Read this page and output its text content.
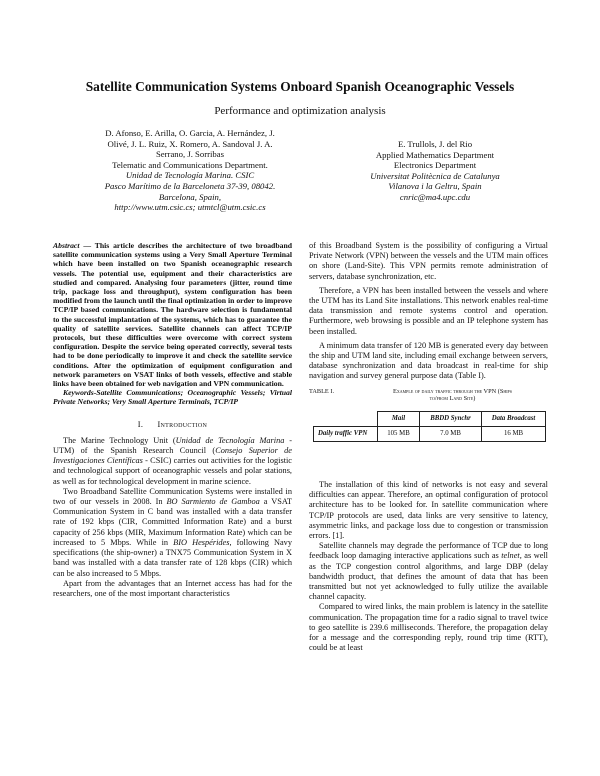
Satellite Communication Systems Onboard Spanish Oceanographic Vessels
Performance and optimization analysis
D. Afonso, E. Arilla, O. Garcia, A. Hernández, J.
Olivé, J. L. Ruiz, X. Romero, A. Sandoval J. A.
Serrano, J. Sorribas
Telematic and Communications Department.
Unidad de Tecnología Marina. CSIC
Pasco Marítimo de la Barceloneta 37-39, 08042.
Barcelona, Spain,
http://www.utm.csic.cs; utmtcl@utm.csic.cs
E. Trullols, J. del Rio
Applied Mathematics Department
Electronics Department
Universitat Politècnica de Catalunya
Vilanova i la Geltru, Spain
cnric@ma4.upc.cdu
Abstract — This article describes the architecture of two broadband satellite communication systems using a Very Small Aperture Terminal which have been installed on two Spanish oceanographic research vessels. The potential use, equipment and their characteristics are studied and compared. Analysing four parameters (jitter, round time trip, package loss and throughput), system configuration has been modified from the launch until the final optimization in order to improve TCP/IP based communications. The hardware selection is fundamental to the successful implantation of the systems, which has to guarantee the quality of satellite services. Satellite channels can affect TCP/IP protocols, but these difficulties were overcome with correct system configuration. Despite the service being operated correctly, several tests had to be done periodically to improve it and check the satellite service conditions. After the optimization of equipment configuration and network parameters on VSAT links of both vessels, effective and stable links have been obtained for web navigation and VPN communication.
Keywords-Satellite Communications; Oceanographic Vessels; Virtual Private Networks; Very Small Aperture Terminals, TCP/IP
I. Introduction

The Marine Technology Unit (Unidad de Tecnología Marina - UTM) of the Spanish Research Council (Consejo Superior de Investigaciones Científicas - CSIC) carries out activities for the logistic and technological support of oceanographic vessels and polar stations, as well as for technological development in marine science.

Two Broadband Satellite Communication Systems were installed in two of our vessels in 2008. In BO Sarmiento de Gamboa a VSAT Communication System in C band was installed with a data transfer rate of 192 kbps (CIR, Committed Information Rate) and a burst capacity of 256 kbps (MIR, Maximum Information Rate) which can be increased to 5 Mbps. While in BIO Hespérides, following Navy specifications (the ship-owner) a TNX75 Communication System in X band was installed with a data transfer rate of 128 kbps (CIR) which can be also increased to 5 Mbps.

Apart from the advantages that an Internet access has had for the researchers, one of the most important characteristics

of this Broadband System is the possibility of configuring a Virtual Private Network (VPN) between the vessels and the UTM main offices on shore (Land-Site). This VPN permits remote administration of servers, database synchronization, etc.

Therefore, a VPN has been installed between the vessels and where the UTM has its Land Site installations. This network enables real-time data transmission and remote systems control and operation. Furthermore, web browsing is possible and an IP telephone system has been installed.

A minimum data transfer of 120 MB is generated every day between the ship and UTM land site, including email exchange between servers, database synchronization and data broadcast in real-time for ship navigation and survey general purpose data (Table I).

TABLE I.	Example of daily traffic through the VPN (Ships
to/from Land Site)
	Mail	BBDD Synchr	Data Broadcast
Daily traffic VPN	105 MB	7.0 MB	16 MB

The installation of this kind of networks is not easy and several difficulties can appear. Therefore, an optimal configuration of protocol architecture has to be looked for. In satellite communication where TCP/IP protocols are used, data links are very sensitive to latency, asymmetric links, and package loss due to congestion or transmission errors. [1].

Satellite channels may degrade the performance of TCP due to long feedback loop damaging interactive applications such as telnet, as well as the TCP congestion control algorithms, and large DBP (delay bandwidth product, that defines the amount of data that has been transmitted but not yet acknowledged to fully utilize the available channel capacity.

Compared to wired links, the main problem is latency in the satellite communication. The propagation time for a radio signal to travel twice to geo satellite is 239.6 milliseconds. Therefore, the propagation delay for a message and the corresponding reply, round trip time (RTT), could be at least
